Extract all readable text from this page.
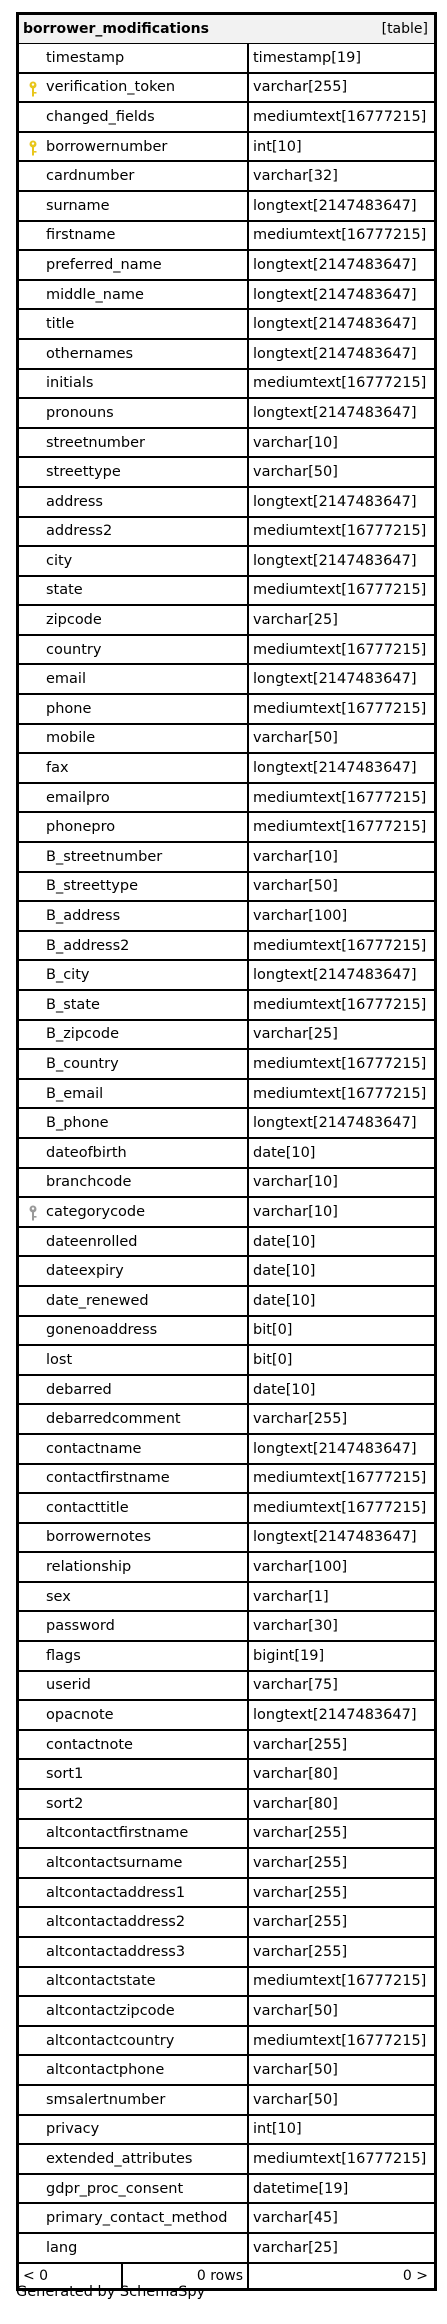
borrower_modifications	[table]
timestamp	timestamp[19]
verification_token	varchar[255]
changed_fields	mediumtext[16777215]
borrowernumber	int[10]
cardnumber	varchar[32]
surname	longtext[2147483647]
firstname	mediumtext[16777215]
preferred_name	longtext[2147483647]
middle_name	longtext[2147483647]
title	longtext[2147483647]
othernames	longtext[2147483647]
initials	mediumtext[16777215]
pronouns	longtext[2147483647]
streetnumber	varchar[10]
streettype	varchar[50]
address	longtext[2147483647]
address2	mediumtext[16777215]
city	longtext[2147483647]
state	mediumtext[16777215]
zipcode	varchar[25]
country	mediumtext[16777215]
email	longtext[2147483647]
phone	mediumtext[16777215]
mobile	varchar[50]
fax	longtext[2147483647]
emailpro	mediumtext[16777215]
phonepro	mediumtext[16777215]
B_streetnumber	varchar[10]
B_streettype	varchar[50]
B_address	varchar[100]
B_address2	mediumtext[16777215]
B_city	longtext[2147483647]
B_state	mediumtext[16777215]
B_zipcode	varchar[25]
B_country	mediumtext[16777215]
B_email	mediumtext[16777215]
B_phone	longtext[2147483647]
dateofbirth	date[10]
branchcode	varchar[10]
categorycode	varchar[10]
dateenrolled	date[10]
dateexpiry	date[10]
date_renewed	date[10]
gonenoaddress	bit[0]
lost	bit[0]
debarred	date[10]
debarredcomment	varchar[255]
contactname	longtext[2147483647]
contactfirstname	mediumtext[16777215]
contacttitle	mediumtext[16777215]
borrowernotes	longtext[2147483647]
relationship	varchar[100]
sex	varchar[1]
password	varchar[30]
flags	bigint[19]
userid	varchar[75]
opacnote	longtext[2147483647]
contactnote	varchar[255]
sort1	varchar[80]
sort2	varchar[80]
altcontactfirstname	varchar[255]
altcontactsurname	varchar[255]
altcontactaddress1	varchar[255]
altcontactaddress2	varchar[255]
altcontactaddress3	varchar[255]
altcontactstate	mediumtext[16777215]
altcontactzipcode	varchar[50]
altcontactcountry	mediumtext[16777215]
altcontactphone	varchar[50]
smsalertnumber	varchar[50]
privacy	int[10]
extended_attributes	mediumtext[16777215]
gdpr_proc_consent	datetime[19]
primary_contact_method	varchar[45]
lang	varchar[25]
< 0	0 rows	0 >
Generated by SchemaSpy
